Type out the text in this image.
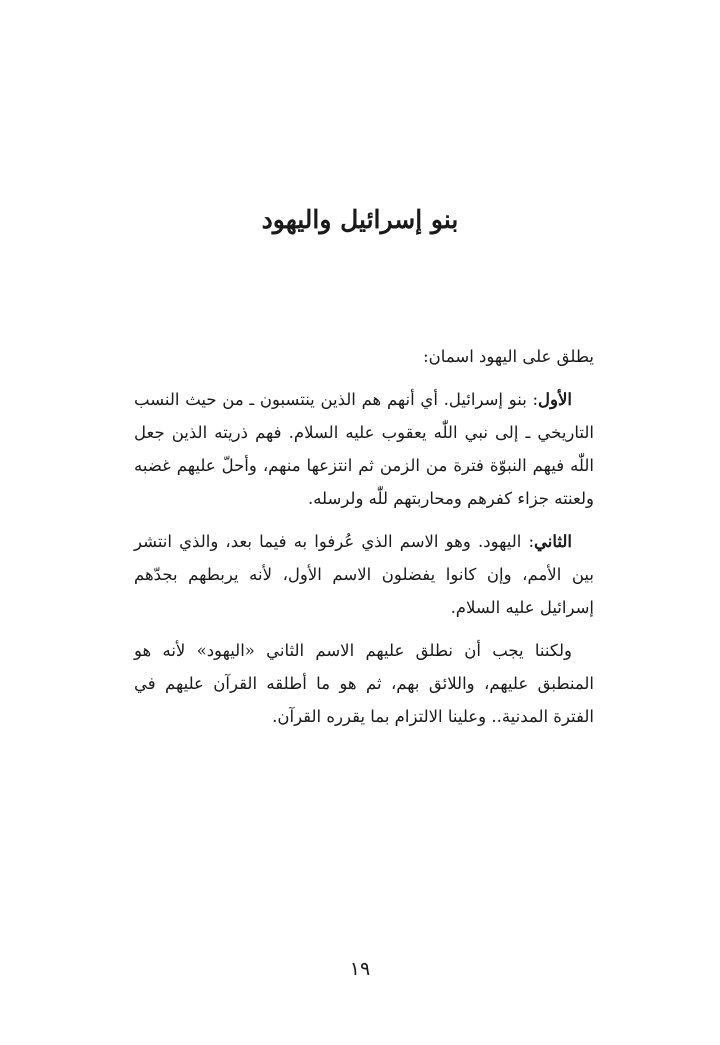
بنو إسرائيل واليهود

يطلق على اليهود اسمان:

الأول: بنو إسرائيل. أي أنهم هم الذين ينتسبون ـ من حيث النسب التاريخي ـ إلى نبي اللّٰه يعقوب عليه السلام. فهم ذريته الذين جعل اللّٰه فيهم النبوّة فترة من الزمن ثم انتزعها منهم، وأحلّ عليهم غضبه ولعنته جزاء كفرهم ومحاربتهم للّٰه ولرسله.

الثاني: اليهود. وهو الاسم الذي عُرفوا به فيما بعد، والذي انتشر بين الأمم، وإن كانوا يفضلون الاسم الأول، لأنه يربطهم بجدّهم إسرائيل عليه السلام.

ولكننا يجب أن نطلق عليهم الاسم الثاني «اليهود» لأنه هو المنطبق عليهم، واللائق بهم، ثم هو ما أطلقه القرآن عليهم في الفترة المدنية.. وعلينا الالتزام بما يقرره القرآن.

١٩
